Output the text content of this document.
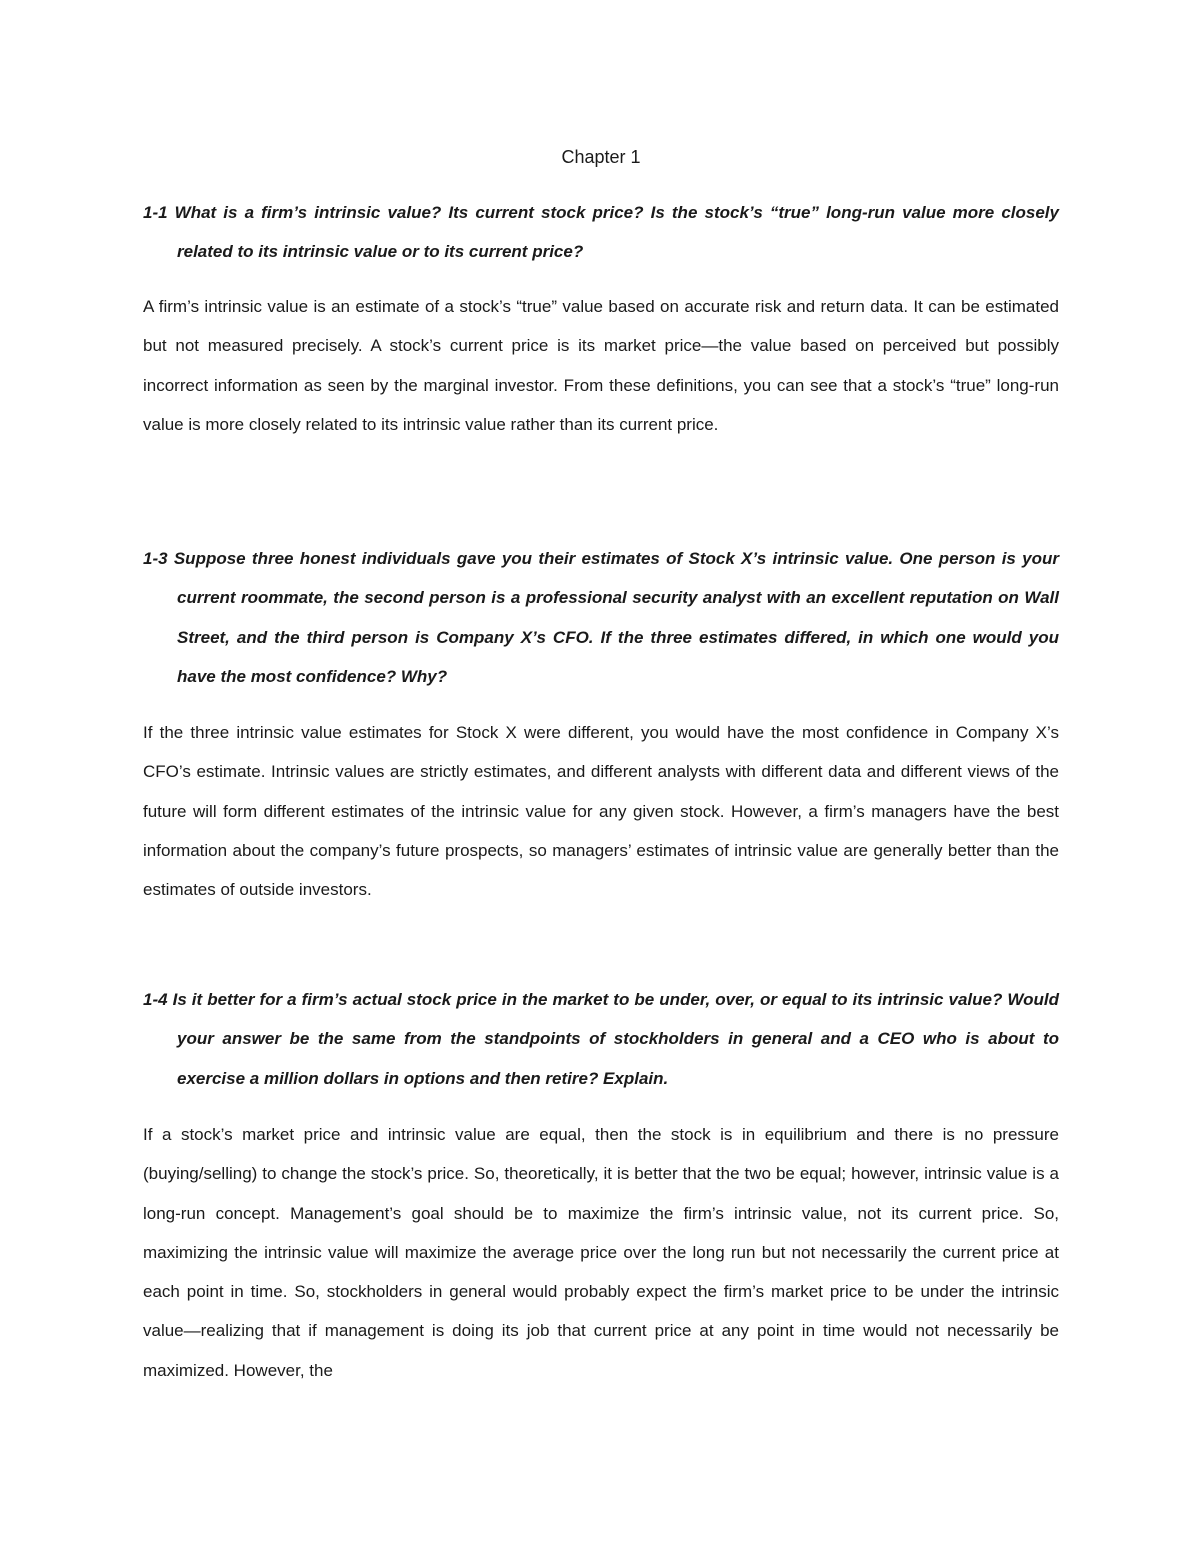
Chapter 1
1-1 What is a firm’s intrinsic value? Its current stock price? Is the stock’s “true” long-run value more closely related to its intrinsic value or to its current price?
A firm’s intrinsic value is an estimate of a stock’s “true” value based on accurate risk and return data. It can be estimated but not measured precisely. A stock’s current price is its market price—the value based on perceived but possibly incorrect information as seen by the marginal investor. From these definitions, you can see that a stock’s “true” long-run value is more closely related to its intrinsic value rather than its current price.
1-3 Suppose three honest individuals gave you their estimates of Stock X’s intrinsic value. One person is your current roommate, the second person is a professional security analyst with an excellent reputation on Wall Street, and the third person is Company X’s CFO. If the three estimates differed, in which one would you have the most confidence? Why?
If the three intrinsic value estimates for Stock X were different, you would have the most confidence in Company X’s CFO’s estimate. Intrinsic values are strictly estimates, and different analysts with different data and different views of the future will form different estimates of the intrinsic value for any given stock. However, a firm’s managers have the best information about the company’s future prospects, so managers’ estimates of intrinsic value are generally better than the estimates of outside investors.
1-4 Is it better for a firm’s actual stock price in the market to be under, over, or equal to its intrinsic value? Would your answer be the same from the standpoints of stockholders in general and a CEO who is about to exercise a million dollars in options and then retire? Explain.
If a stock’s market price and intrinsic value are equal, then the stock is in equilibrium and there is no pressure (buying/selling) to change the stock’s price. So, theoretically, it is better that the two be equal; however, intrinsic value is a long-run concept. Management’s goal should be to maximize the firm’s intrinsic value, not its current price. So, maximizing the intrinsic value will maximize the average price over the long run but not necessarily the current price at each point in time. So, stockholders in general would probably expect the firm’s market price to be under the intrinsic value—realizing that if management is doing its job that current price at any point in time would not necessarily be maximized. However, the
